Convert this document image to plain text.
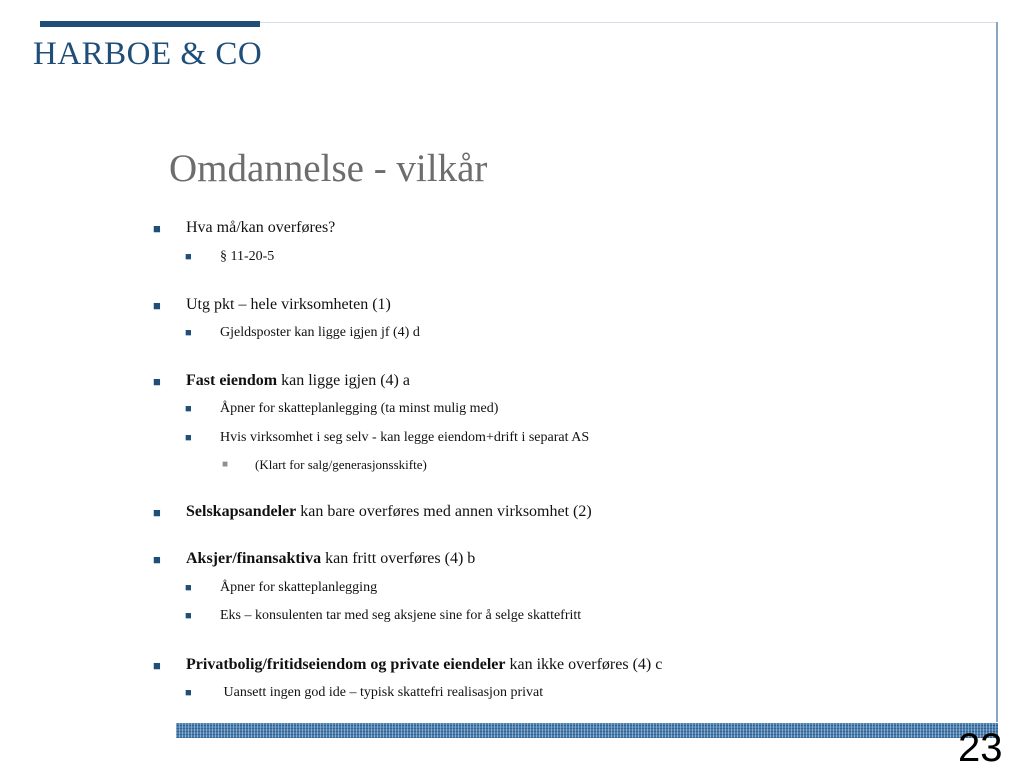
HARBOE & CO
Omdannelse - vilkår
■ Hva må/kan overføres?
■ § 11-20-5
■ Utg pkt – hele virksomheten (1)
■ Gjeldsposter kan ligge igjen jf (4) d
■ Fast eiendom kan ligge igjen (4) a
■ Åpner for skatteplanlegging (ta minst mulig med)
■ Hvis virksomhet i seg selv - kan legge eiendom+drift i separat AS
■ (Klart for salg/generasjonsskifte)
■ Selskapsandeler kan bare overføres med annen virksomhet (2)
■ Aksjer/finansaktiva kan fritt overføres (4) b
■ Åpner for skatteplanlegging
■ Eks – konsulenten tar med seg aksjene sine for å selge skattefritt
■ Privatbolig/fritidseiendom og private eiendeler kan ikke overføres (4) c
■ Uansett ingen god ide – typisk skattefri realisasjon privat
23
